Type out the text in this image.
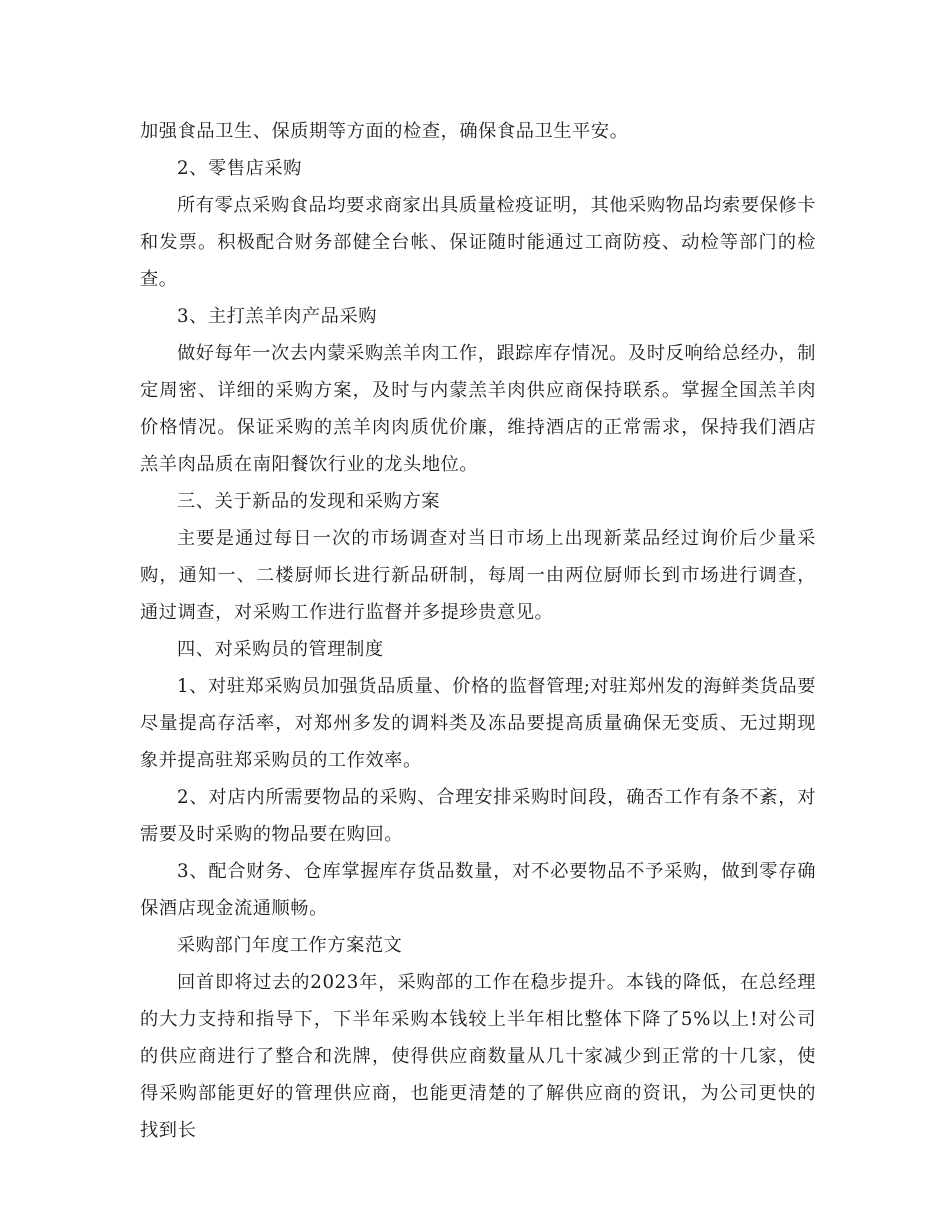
加强食品卫生、保质期等方面的检查，确保食品卫生平安。

2、零售店采购

所有零点采购食品均要求商家出具质量检疫证明，其他采购物品均索要保修卡和发票。积极配合财务部健全台帐、保证随时能通过工商防疫、动检等部门的检查。

3、主打羔羊肉产品采购

做好每年一次去内蒙采购羔羊肉工作，跟踪库存情况。及时反响给总经办，制定周密、详细的采购方案，及时与内蒙羔羊肉供应商保持联系。掌握全国羔羊肉价格情况。保证采购的羔羊肉肉质优价廉，维持酒店的正常需求，保持我们酒店羔羊肉品质在南阳餐饮行业的龙头地位。

三、关于新品的发现和采购方案

主要是通过每日一次的市场调查对当日市场上出现新菜品经过询价后少量采购，通知一、二楼厨师长进行新品研制，每周一由两位厨师长到市场进行调查，通过调查，对采购工作进行监督并多提珍贵意见。

四、对采购员的管理制度

1、对驻郑采购员加强货品质量、价格的监督管理;对驻郑州发的海鲜类货品要尽量提高存活率，对郑州多发的调料类及冻品要提高质量确保无变质、无过期现象并提高驻郑采购员的工作效率。

2、对店内所需要物品的采购、合理安排采购时间段，确否工作有条不紊，对需要及时采购的物品要在购回。

3、配合财务、仓库掌握库存货品数量，对不必要物品不予采购，做到零存确保酒店现金流通顺畅。

采购部门年度工作方案范文

回首即将过去的2023年，采购部的工作在稳步提升。本钱的降低，在总经理的大力支持和指导下，下半年采购本钱较上半年相比整体下降了5%以上!对公司的供应商进行了整合和洗牌，使得供应商数量从几十家减少到正常的十几家，使得采购部能更好的管理供应商，也能更清楚的了解供应商的资讯，为公司更快的找到长
